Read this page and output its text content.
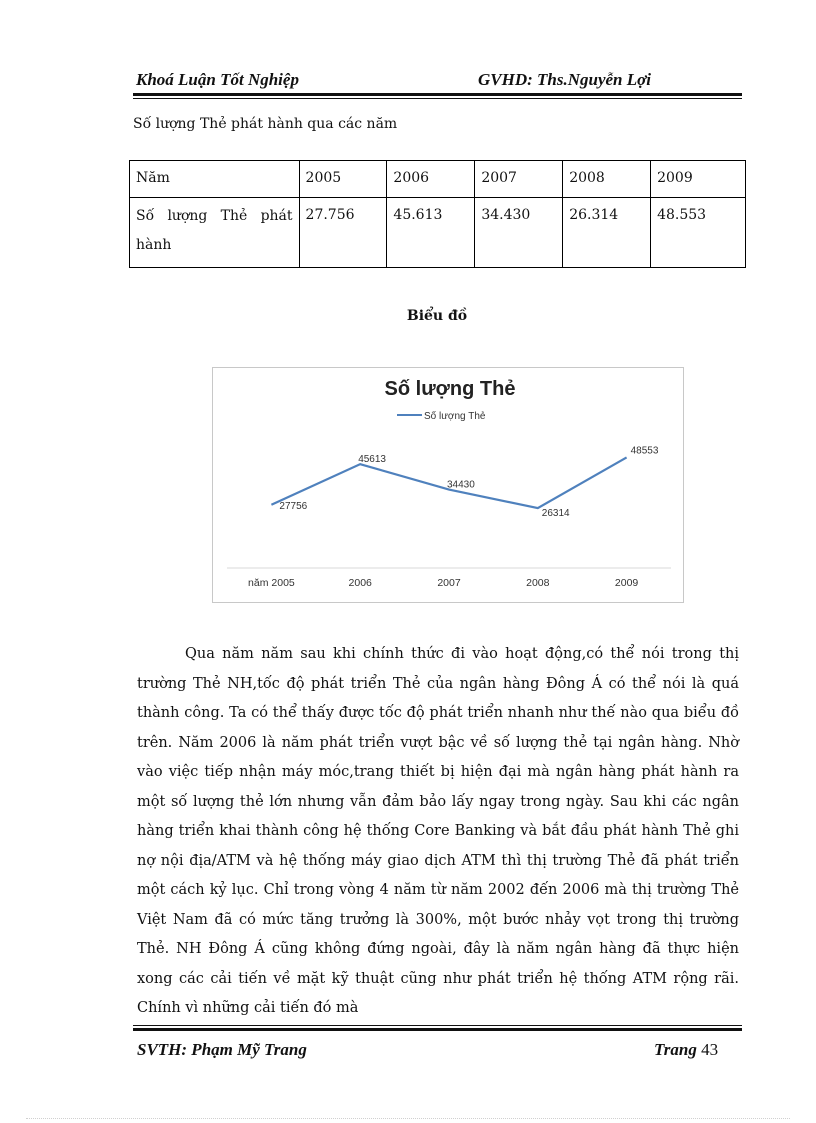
Khoá Luận Tốt Nghiệp	GVHD: Ths.Nguyễn Lợi
Số lượng Thẻ phát hành qua các năm
Năm	2005	2006	2007	2008	2009
Số lượng Thẻ phát hành	27.756	45.613	34.430	26.314	48.553
Biểu đồ
Số lượng Thẻ
Số lượng Thẻ
27756
45613
34430
26314
48553
năm 2005	2006	2007	2008	2009

Qua năm năm sau khi chính thức đi vào hoạt động,có thể nói trong thị trường Thẻ NH,tốc độ phát triển Thẻ của ngân hàng Đông Á có thể nói là quá thành công. Ta có thể thấy được tốc độ phát triển nhanh như thế nào qua biểu đồ trên. Năm 2006 là năm phát triển vượt bậc về số lượng thẻ tại ngân hàng. Nhờ vào việc tiếp nhận máy móc,trang thiết bị hiện đại mà ngân hàng phát hành ra một số lượng thẻ lớn nhưng vẫn đảm bảo lấy ngay trong ngày. Sau khi các ngân hàng triển khai thành công hệ thống Core Banking và bắt đầu phát hành Thẻ ghi nợ nội địa/ATM và hệ thống máy giao dịch ATM thì thị trường Thẻ đã phát triển một cách kỷ lục. Chỉ trong vòng 4 năm từ năm 2002 đến 2006 mà thị trường Thẻ Việt Nam đã có mức tăng trưởng là 300%, một bước nhảy vọt trong thị trường Thẻ. NH Đông Á cũng không đứng ngoài, đây là năm ngân hàng đã thực hiện xong các cải tiến về mặt kỹ thuật cũng như phát triển hệ thống ATM rộng rãi. Chính vì những cải tiến đó mà

SVTH: Phạm Mỹ Trang	Trang 43
